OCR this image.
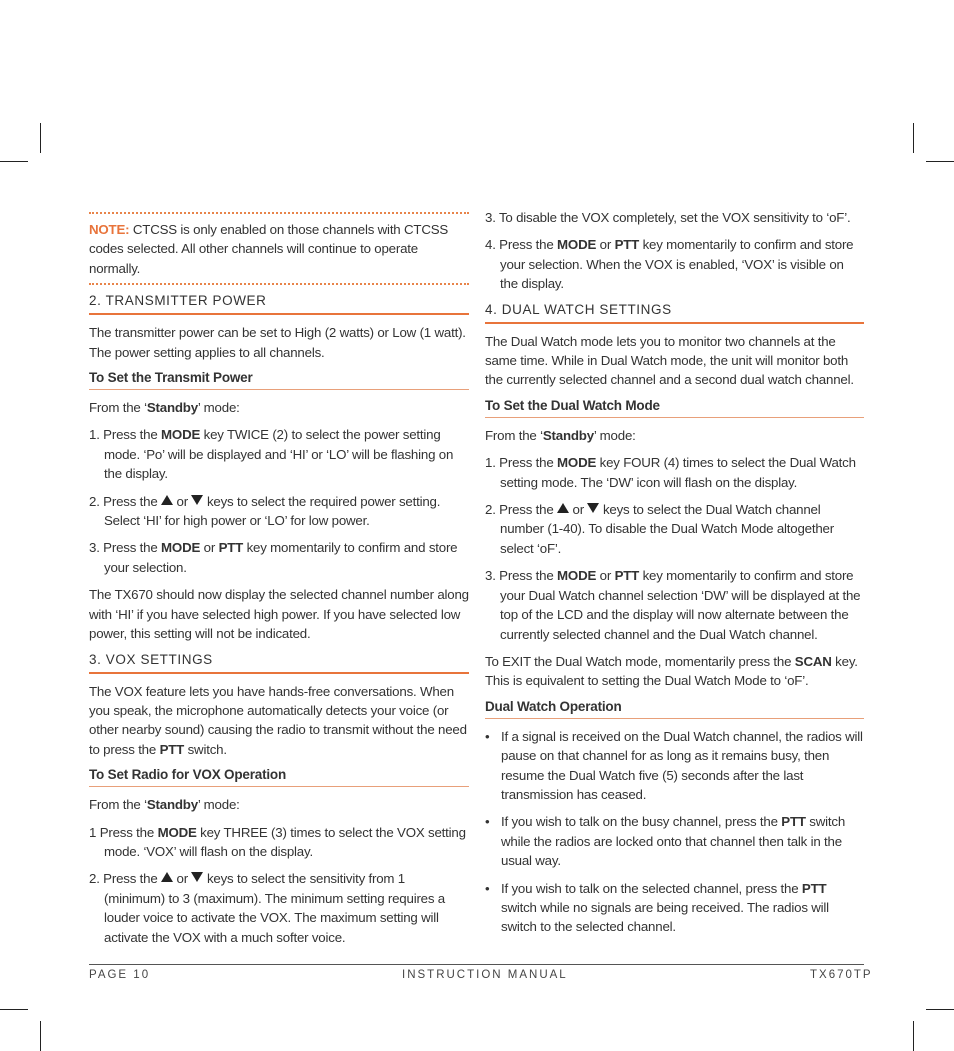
NOTE: CTCSS is only enabled on those channels with CTCSS codes selected. All other channels will continue to operate normally.

2. TRANSMITTER POWER

The transmitter power can be set to High (2 watts) or Low (1 watt). The power setting applies to all channels.

To Set the Transmit Power

From the ‘Standby’ mode:

1. Press the MODE key TWICE (2) to select the power setting mode. ‘Po’ will be displayed and ‘HI’ or ‘LO’ will be flashing on the display.

2. Press the  or  keys to select the required power setting. Select ‘HI’ for high power or ‘LO’ for low power.

3. Press the MODE or PTT key momentarily to confirm and store your selection.

The TX670 should now display the selected channel number along with ‘HI’ if you have selected high power. If you have selected low power, this setting will not be indicated.

3. VOX SETTINGS

The VOX feature lets you have hands-free conversations. When you speak, the microphone automatically detects your voice (or other nearby sound) causing the radio to transmit without the need to press the PTT switch.

To Set Radio for VOX Operation

From the ‘Standby’ mode:

1 Press the MODE key THREE (3) times to select the VOX setting mode. ‘VOX’ will flash on the display.

2. Press the  or  keys to select the sensitivity from 1 (minimum) to 3 (maximum). The minimum setting requires a louder voice to activate the VOX. The maximum setting will activate the VOX with a much softer voice.

3. To disable the VOX completely, set the VOX sensitivity to ‘oF’.

4. Press the MODE or PTT key momentarily to confirm and store your selection. When the VOX is enabled, ‘VOX’ is visible on the display.

4. DUAL WATCH SETTINGS

The Dual Watch mode lets you to monitor two channels at the same time. While in Dual Watch mode, the unit will monitor both the currently selected channel and a second dual watch channel.

To Set the Dual Watch Mode

From the ‘Standby’ mode:

1. Press the MODE key FOUR (4) times to select the Dual Watch setting mode. The ‘DW’ icon will flash on the display.

2. Press the  or  keys to select the Dual Watch channel number (1-40). To disable the Dual Watch Mode altogether select ‘oF’.

3. Press the MODE or PTT key momentarily to confirm and store your Dual Watch channel selection ‘DW’ will be displayed at the top of the LCD and the display will now alternate between the currently selected channel and the Dual Watch channel.

To EXIT the Dual Watch mode, momentarily press the SCAN key. This is equivalent to setting the Dual Watch Mode to ‘oF’.

Dual Watch Operation

• If a signal is received on the Dual Watch channel, the radios will pause on that channel for as long as it remains busy, then resume the Dual Watch five (5) seconds after the last transmission has ceased.

• If you wish to talk on the busy channel, press the PTT switch while the radios are locked onto that channel then talk in the usual way.

• If you wish to talk on the selected channel, press the PTT switch while no signals are being received. The radios will switch to the selected channel.

PAGE 10	INSTRUCTION MANUAL	TX670TP
